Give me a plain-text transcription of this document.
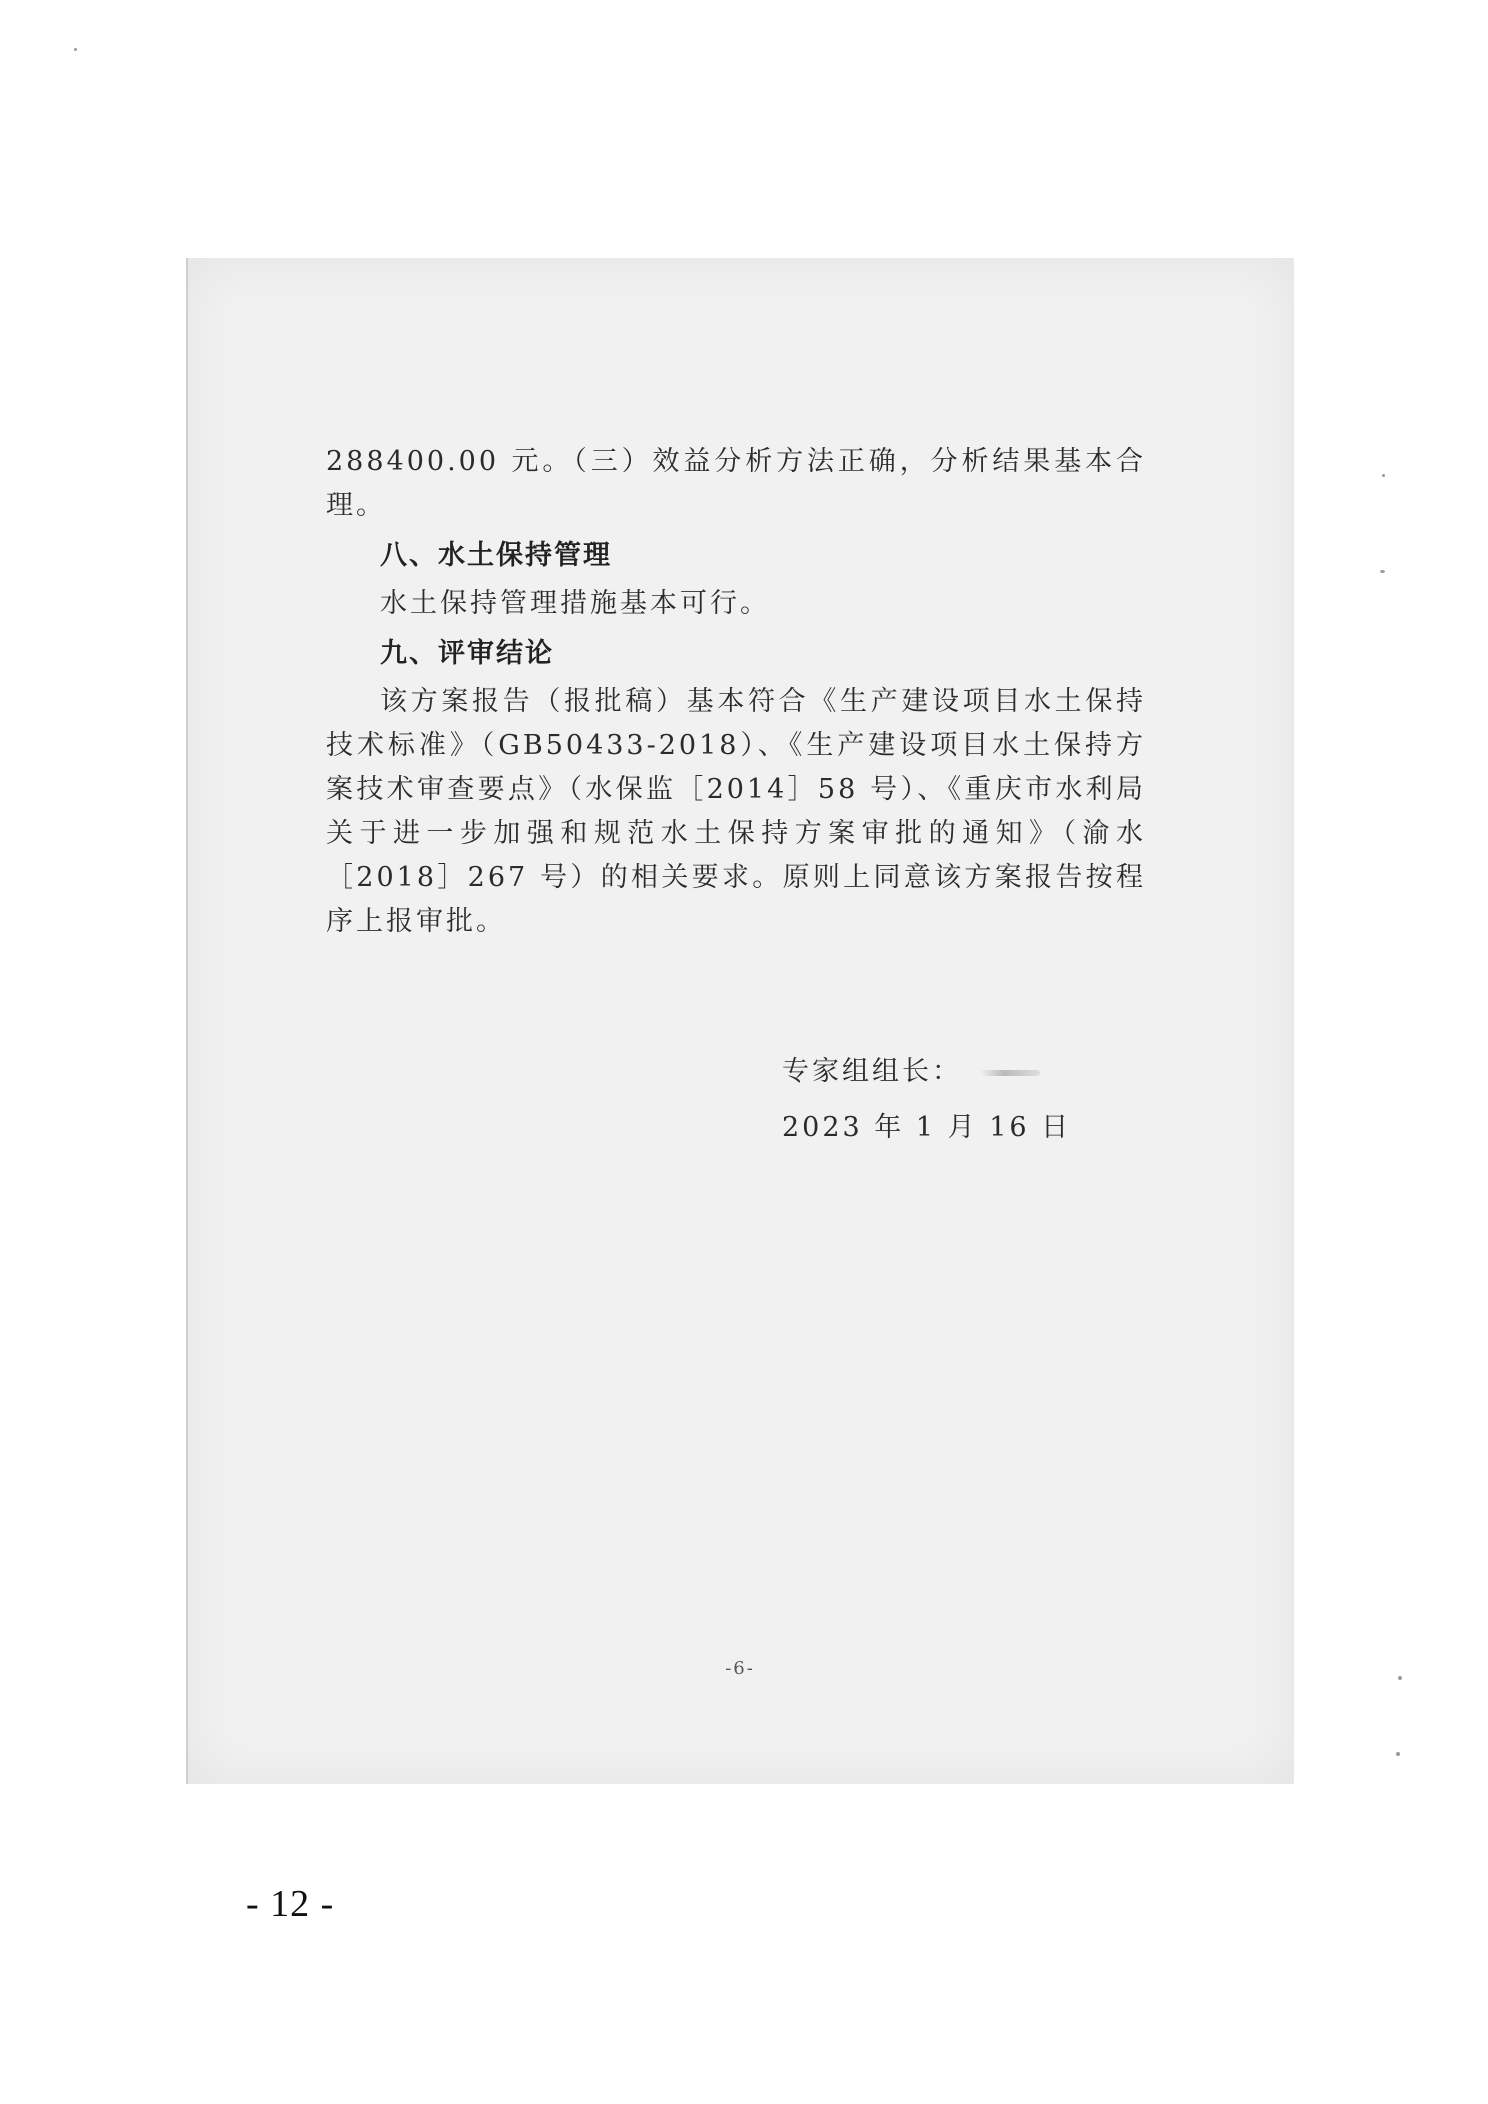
288400.00 元。（三）效益分析方法正确，分析结果基本合理。

八、水土保持管理

水土保持管理措施基本可行。

九、评审结论

该方案报告（报批稿）基本符合《生产建设项目水土保持技术标准》（GB50433-2018）、《生产建设项目水土保持方案技术审查要点》（水保监［2014］58 号）、《重庆市水利局关于进一步加强和规范水土保持方案审批的通知》（渝水［2018］267 号）的相关要求。原则上同意该方案报告按程序上报审批。

专家组组长：
2023 年 1 月 16 日
-6-
- 12 -
